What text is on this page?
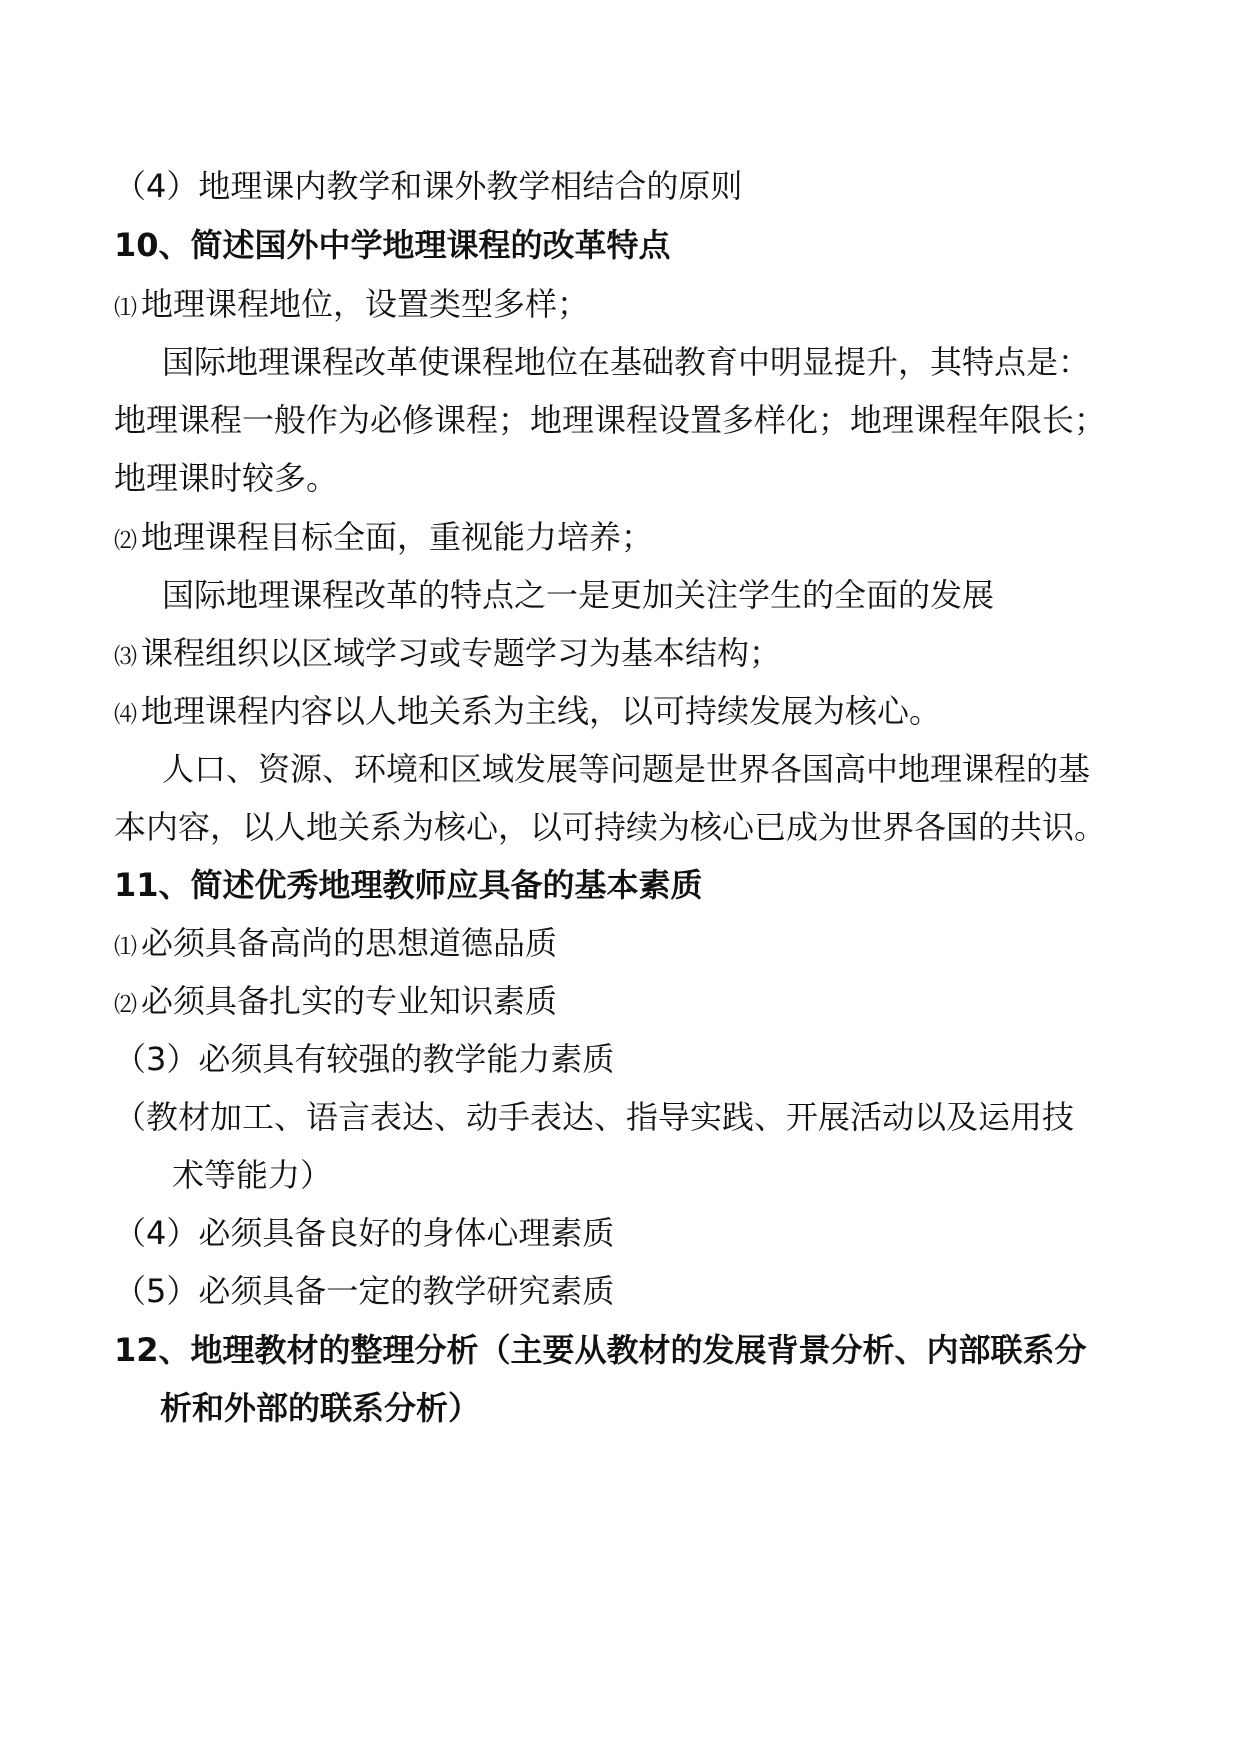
（4）地理课内教学和课外教学相结合的原则
10、简述国外中学地理课程的改革特点
⑴ 地理课程地位，设置类型多样；
国际地理课程改革使课程地位在基础教育中明显提升，其特点是：
地理课程一般作为必修课程；地理课程设置多样化；地理课程年限长；
地理课时较多。
⑵ 地理课程目标全面，重视能力培养；
国际地理课程改革的特点之一是更加关注学生的全面的发展
⑶ 课程组织以区域学习或专题学习为基本结构；
⑷ 地理课程内容以人地关系为主线，以可持续发展为核心。
人口、资源、环境和区域发展等问题是世界各国高中地理课程的基
本内容，以人地关系为核心，以可持续为核心已成为世界各国的共识。
11、简述优秀地理教师应具备的基本素质
⑴ 必须具备高尚的思想道德品质
⑵ 必须具备扎实的专业知识素质
（3）必须具有较强的教学能力素质
（教材加工、语言表达、动手表达、指导实践、开展活动以及运用技
术等能力）
（4）必须具备良好的身体心理素质
（5）必须具备一定的教学研究素质
12、地理教材的整理分析（主要从教材的发展背景分析、内部联系分
析和外部的联系分析）
